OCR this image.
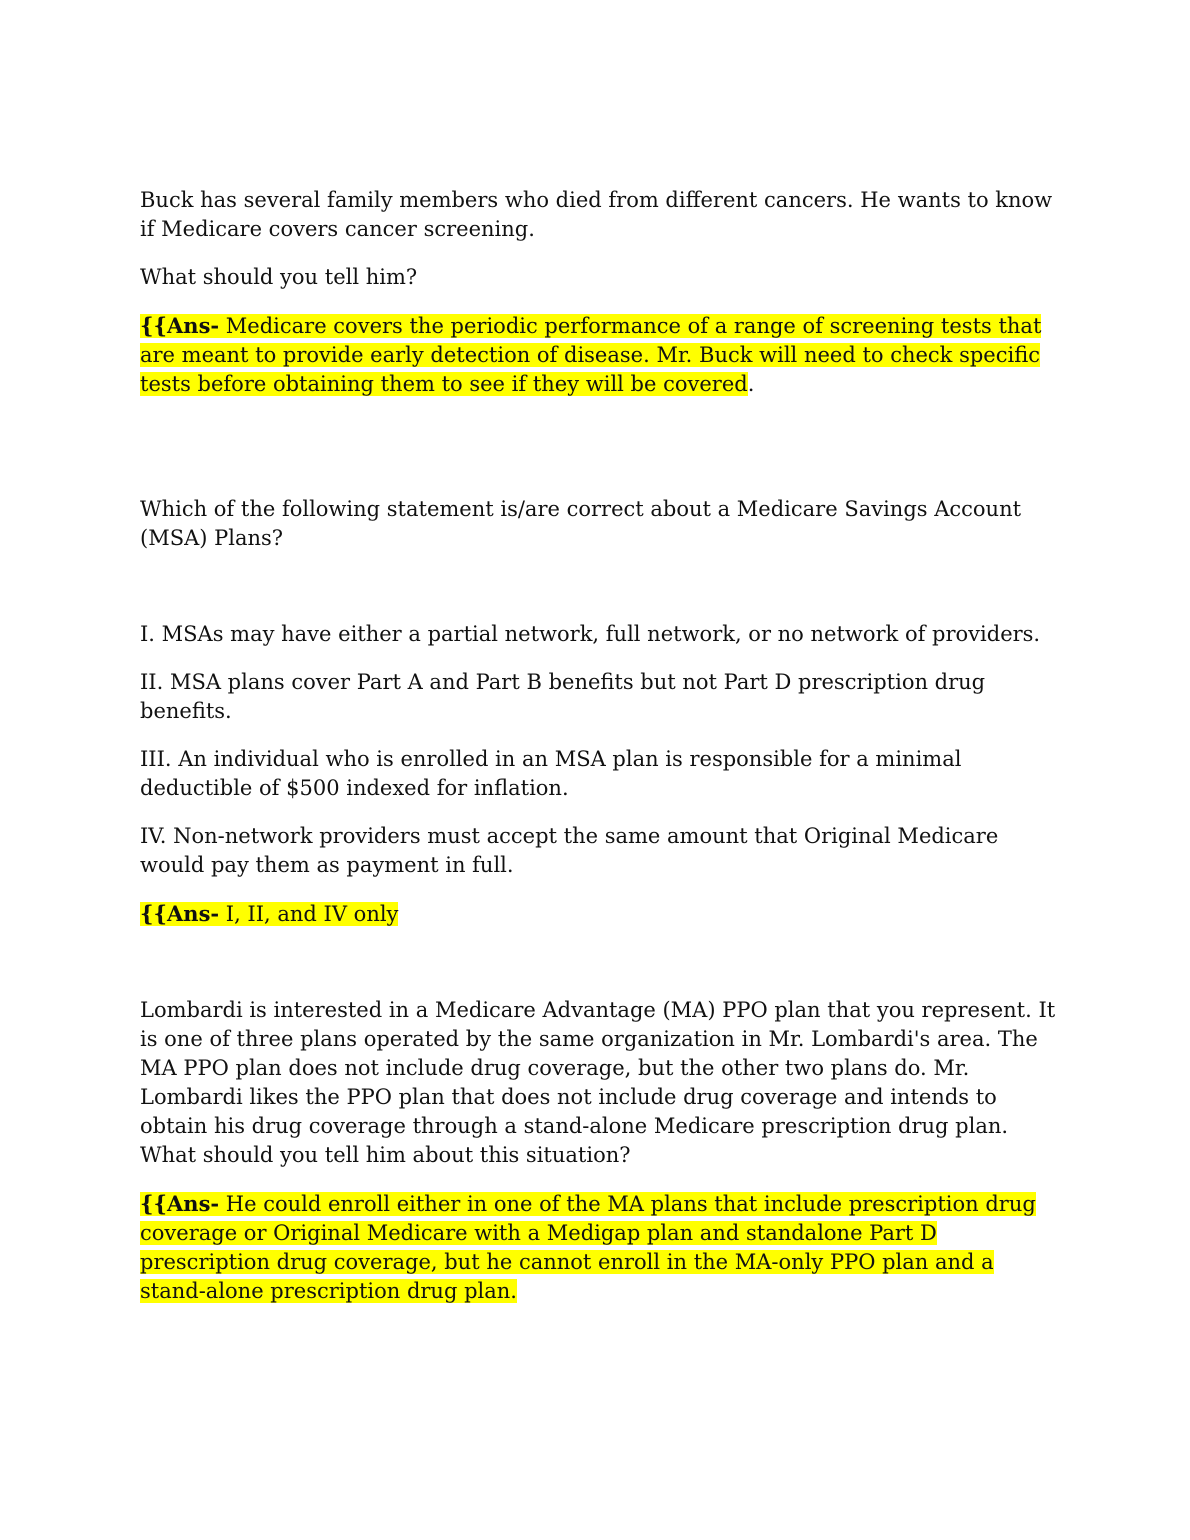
Buck has several family members who died from different cancers. He wants to know if Medicare covers cancer screening.

What should you tell him?

{{Ans- Medicare covers the periodic performance of a range of screening tests that are meant to provide early detection of disease. Mr. Buck will need to check specific tests before obtaining them to see if they will be covered.

Which of the following statement is/are correct about a Medicare Savings Account (MSA) Plans?

I. MSAs may have either a partial network, full network, or no network of providers.

II. MSA plans cover Part A and Part B benefits but not Part D prescription drug benefits.

III. An individual who is enrolled in an MSA plan is responsible for a minimal deductible of $500 indexed for inflation.

IV. Non-network providers must accept the same amount that Original Medicare would pay them as payment in full.

{{Ans- I, II, and IV only

Lombardi is interested in a Medicare Advantage (MA) PPO plan that you represent. It is one of three plans operated by the same organization in Mr. Lombardi's area. The MA PPO plan does not include drug coverage, but the other two plans do. Mr. Lombardi likes the PPO plan that does not include drug coverage and intends to obtain his drug coverage through a stand-alone Medicare prescription drug plan. What should you tell him about this situation?

{{Ans- He could enroll either in one of the MA plans that include prescription drug coverage or Original Medicare with a Medigap plan and standalone Part D prescription drug coverage, but he cannot enroll in the MA-only PPO plan and a stand-alone prescription drug plan.
